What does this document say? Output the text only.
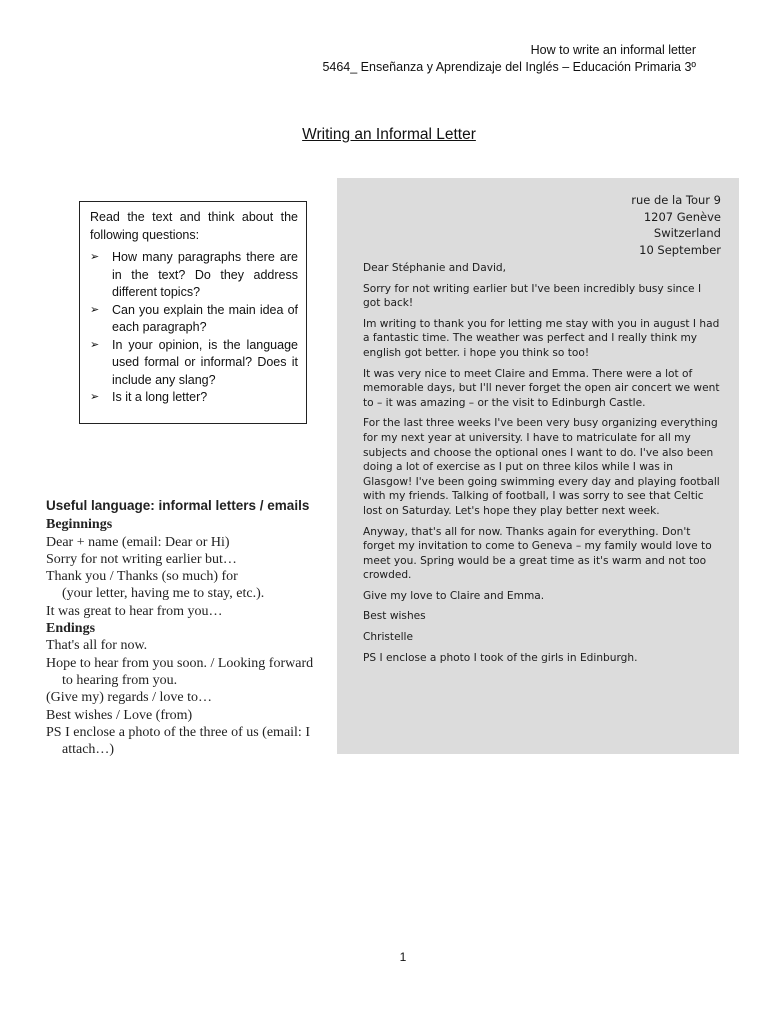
How to write an informal letter
5464_ Enseñanza y Aprendizaje del Inglés – Educación Primaria 3º
Writing an Informal Letter

Read the text and think about the following questions:

➢ How many paragraphs there are in the text? Do they address different topics?
➢ Can you explain the main idea of each paragraph?
➢ In your opinion, is the language used formal or informal? Does it include any slang?
➢ Is it a long letter?
rue de la Tour 9
1207 Genève
Switzerland
10 September

Dear Stéphanie and David,

Sorry for not writing earlier but I've been incredibly busy since I got back!

Im writing to thank you for letting me stay with you in august I had a fantastic time. The weather was perfect and I really think my english got better. i hope you think so too!

It was very nice to meet Claire and Emma. There were a lot of memorable days, but I'll never forget the open air concert we went to – it was amazing – or the visit to Edinburgh Castle.

For the last three weeks I've been very busy organizing everything for my next year at university. I have to matriculate for all my subjects and choose the optional ones I want to do. I've also been doing a lot of exercise as I put on three kilos while I was in Glasgow! I've been going swimming every day and playing football with my friends. Talking of football, I was sorry to see that Celtic lost on Saturday. Let's hope they play better next week.

Anyway, that's all for now. Thanks again for everything. Don't forget my invitation to come to Geneva – my family would love to meet you. Spring would be a great time as it's warm and not too crowded.

Give my love to Claire and Emma.

Best wishes

Christelle

PS I enclose a photo I took of the girls in Edinburgh.

Useful language: informal letters / emails
Beginnings
Dear + name (email: Dear or Hi)
Sorry for not writing earlier but…
Thank you / Thanks (so much) for
(your letter, having me to stay, etc.).
It was great to hear from you…
Endings
That's all for now.
Hope to hear from you soon. / Looking forward
to hearing from you.
(Give my) regards / love to…
Best wishes / Love (from)
PS I enclose a photo of the three of us (email: I
attach…)
1
